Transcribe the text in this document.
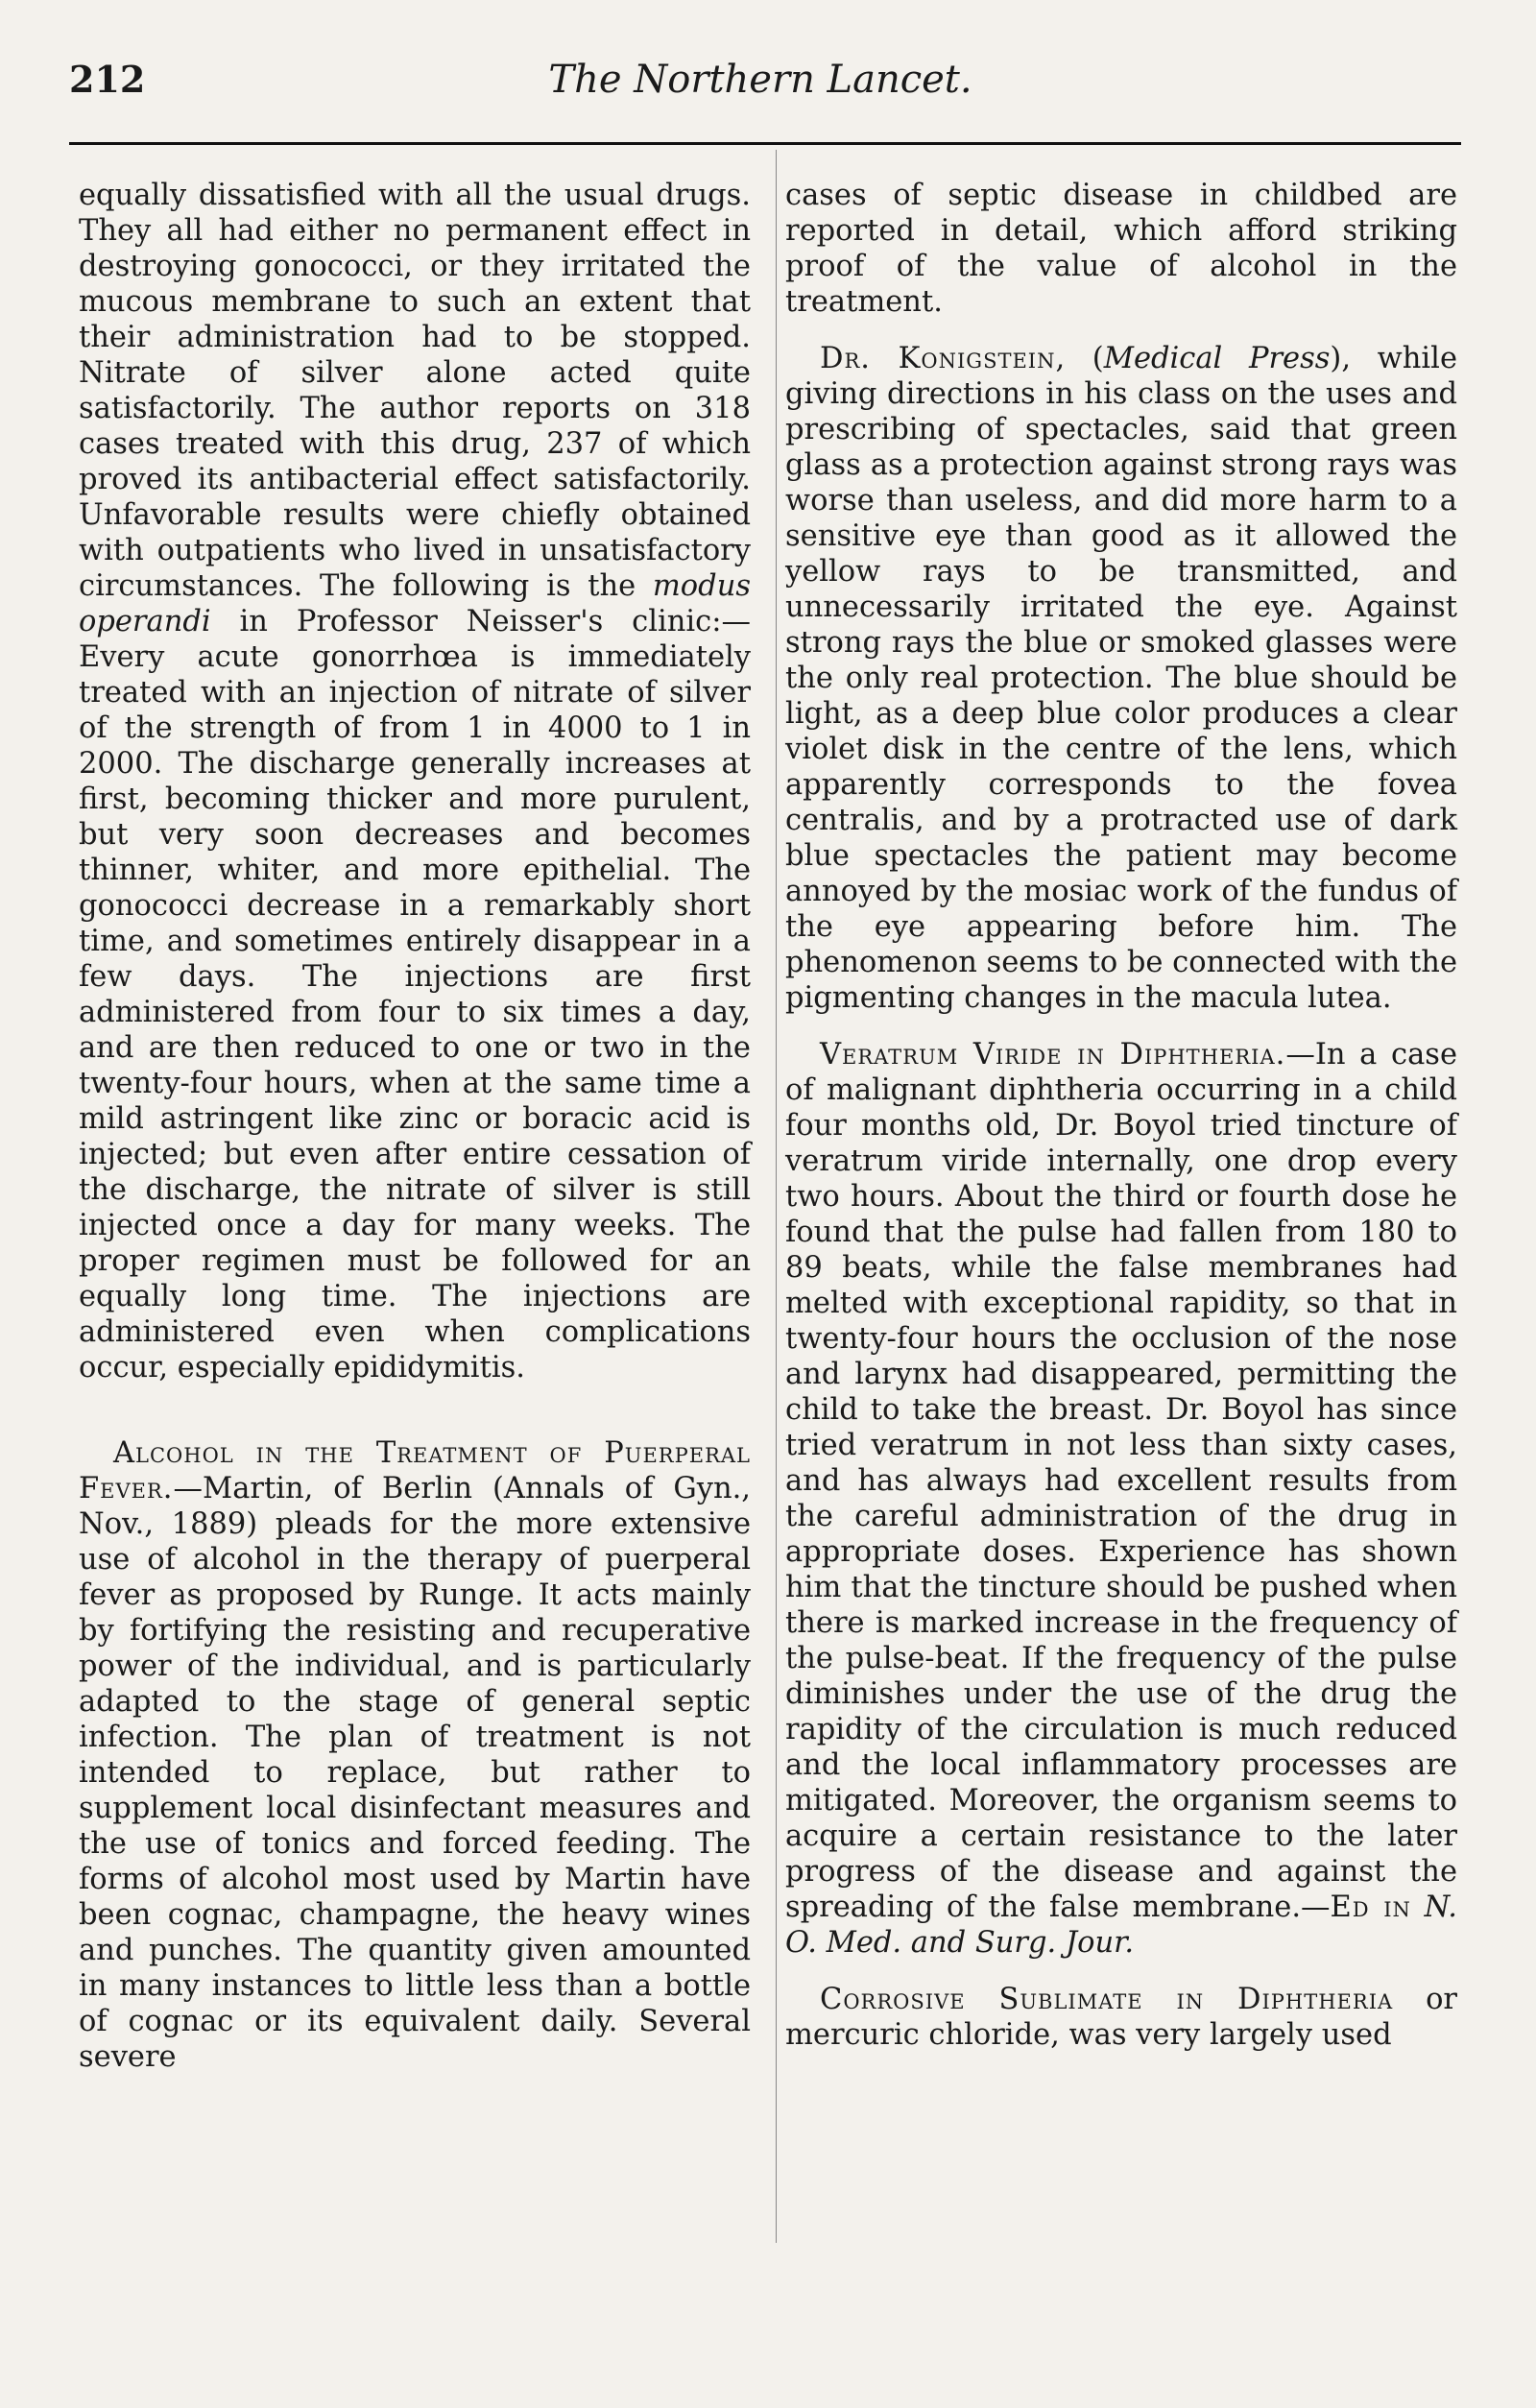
212	The Northern Lancet.

equally dissatisfied with all the usual drugs. They all had either no permanent effect in destroying gonococci, or they irritated the mucous membrane to such an extent that their administration had to be stopped. Nitrate of silver alone acted quite satisfactorily. The author reports on 318 cases treated with this drug, 237 of which proved its antibacterial effect satisfactorily. Unfavorable results were chiefly obtained with outpatients who lived in unsatisfactory circumstances. The following is the modus operandi in Professor Neisser's clinic:—Every acute gonorrhœa is immediately treated with an injection of nitrate of silver of the strength of from 1 in 4000 to 1 in 2000. The discharge generally increases at first, becoming thicker and more purulent, but very soon decreases and becomes thinner, whiter, and more epithelial. The gonococci decrease in a remarkably short time, and sometimes entirely disappear in a few days. The injections are first administered from four to six times a day, and are then reduced to one or two in the twenty-four hours, when at the same time a mild astringent like zinc or boracic acid is injected; but even after entire cessation of the discharge, the nitrate of silver is still injected once a day for many weeks. The proper regimen must be followed for an equally long time. The injections are administered even when complications occur, especially epididymitis.

Alcohol in the Treatment of Puerperal Fever.—Martin, of Berlin (Annals of Gyn., Nov., 1889) pleads for the more extensive use of alcohol in the therapy of puerperal fever as proposed by Runge. It acts mainly by fortifying the resisting and recuperative power of the individual, and is particularly adapted to the stage of general septic infection. The plan of treatment is not intended to replace, but rather to supplement local disinfectant measures and the use of tonics and forced feeding. The forms of alcohol most used by Martin have been cognac, champagne, the heavy wines and punches. The quantity given amounted in many instances to little less than a bottle of cognac or its equivalent daily. Several severe

cases of septic disease in childbed are reported in detail, which afford striking proof of the value of alcohol in the treatment.

Dr. Konigstein, (Medical Press), while giving directions in his class on the uses and prescribing of spectacles, said that green glass as a protection against strong rays was worse than useless, and did more harm to a sensitive eye than good as it allowed the yellow rays to be transmitted, and unnecessarily irritated the eye. Against strong rays the blue or smoked glasses were the only real protection. The blue should be light, as a deep blue color produces a clear violet disk in the centre of the lens, which apparently corresponds to the fovea centralis, and by a protracted use of dark blue spectacles the patient may become annoyed by the mosiac work of the fundus of the eye appearing before him. The phenomenon seems to be connected with the pigmenting changes in the macula lutea.

Veratrum Viride in Diphtheria.—In a case of malignant diphtheria occurring in a child four months old, Dr. Boyol tried tincture of veratrum viride internally, one drop every two hours. About the third or fourth dose he found that the pulse had fallen from 180 to 89 beats, while the false membranes had melted with exceptional rapidity, so that in twenty-four hours the occlusion of the nose and larynx had disappeared, permitting the child to take the breast. Dr. Boyol has since tried veratrum in not less than sixty cases, and has always had excellent results from the careful administration of the drug in appropriate doses. Experience has shown him that the tincture should be pushed when there is marked increase in the frequency of the pulse-beat. If the frequency of the pulse diminishes under the use of the drug the rapidity of the circulation is much reduced and the local inflammatory processes are mitigated. Moreover, the organism seems to acquire a certain resistance to the later progress of the disease and against the spreading of the false membrane.—Ed in N. O. Med. and Surg. Jour.

Corrosive Sublimate in Diphtheria or mercuric chloride, was very largely used
